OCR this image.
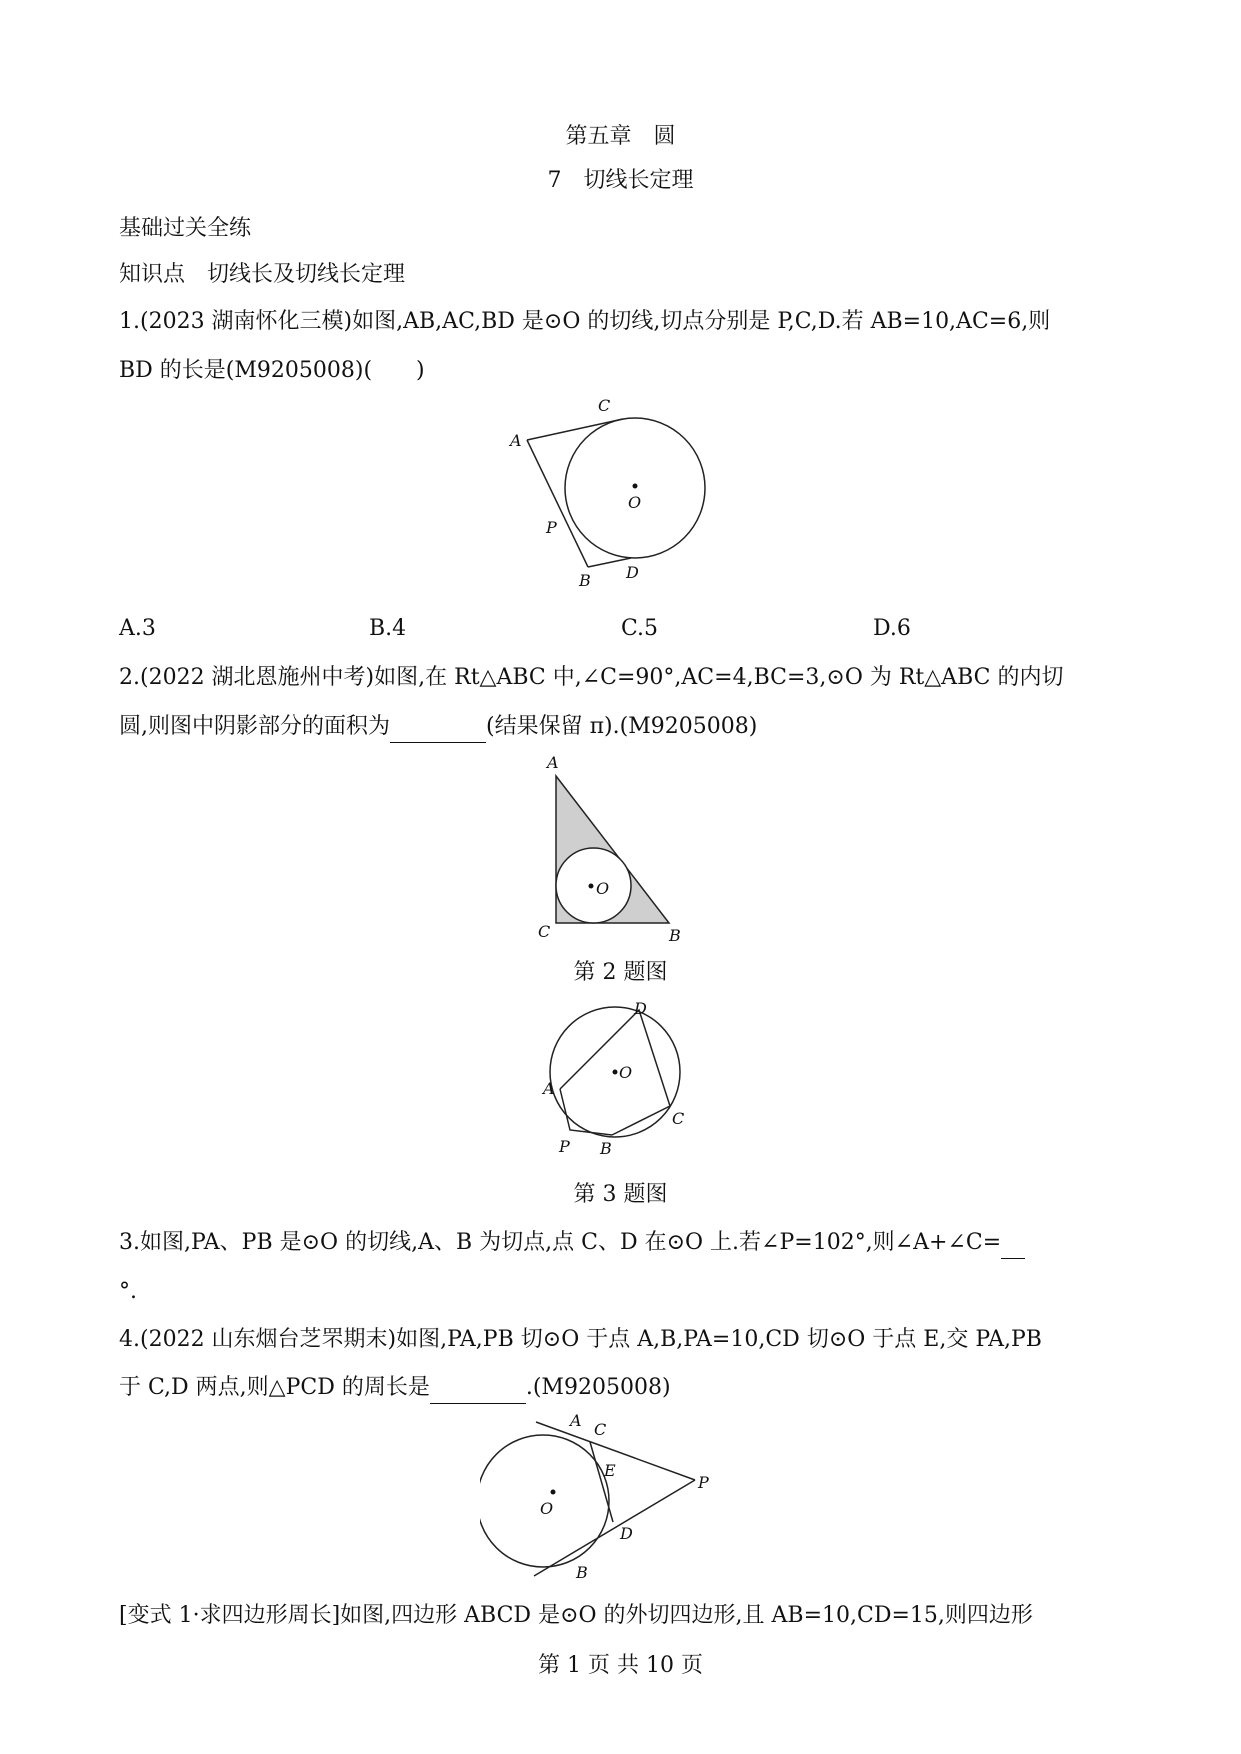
第五章　圆
7　切线长定理
基础过关全练
知识点　切线长及切线长定理
1.(2023 湖南怀化三模)如图,AB,AC,BD 是⊙O 的切线,切点分别是 P,C,D.若 AB=10,AC=6,则
BD 的长是(M9205008)(　　)
A
C
O
P
B D
A.3	B.4	C.5	D.6
2.(2022 湖北恩施州中考)如图,在 Rt△ABC 中,∠C=90°,AC=4,BC=3,⊙O 为 Rt△ABC 的内切
圆,则图中阴影部分的面积为	(结果保留 π).(M9205008)
A
O
C	B
第 2 题图
D
A
O
C
P B
第 3 题图
3.如图,PA、PB 是⊙O 的切线,A、B 为切点,点 C、D 在⊙O 上.若∠P=102°,则∠A+∠C=
°.
4.(2022 山东烟台芝罘期末)如图,PA,PB 切⊙O 于点 A,B,PA=10,CD 切⊙O 于点 E,交 PA,PB
于 C,D 两点,则△PCD 的周长是	.(M9205008)
A C
E
P
O
D
B
[变式 1·求四边形周长]如图,四边形 ABCD 是⊙O 的外切四边形,且 AB=10,CD=15,则四边形
第 1 页 共 10 页
